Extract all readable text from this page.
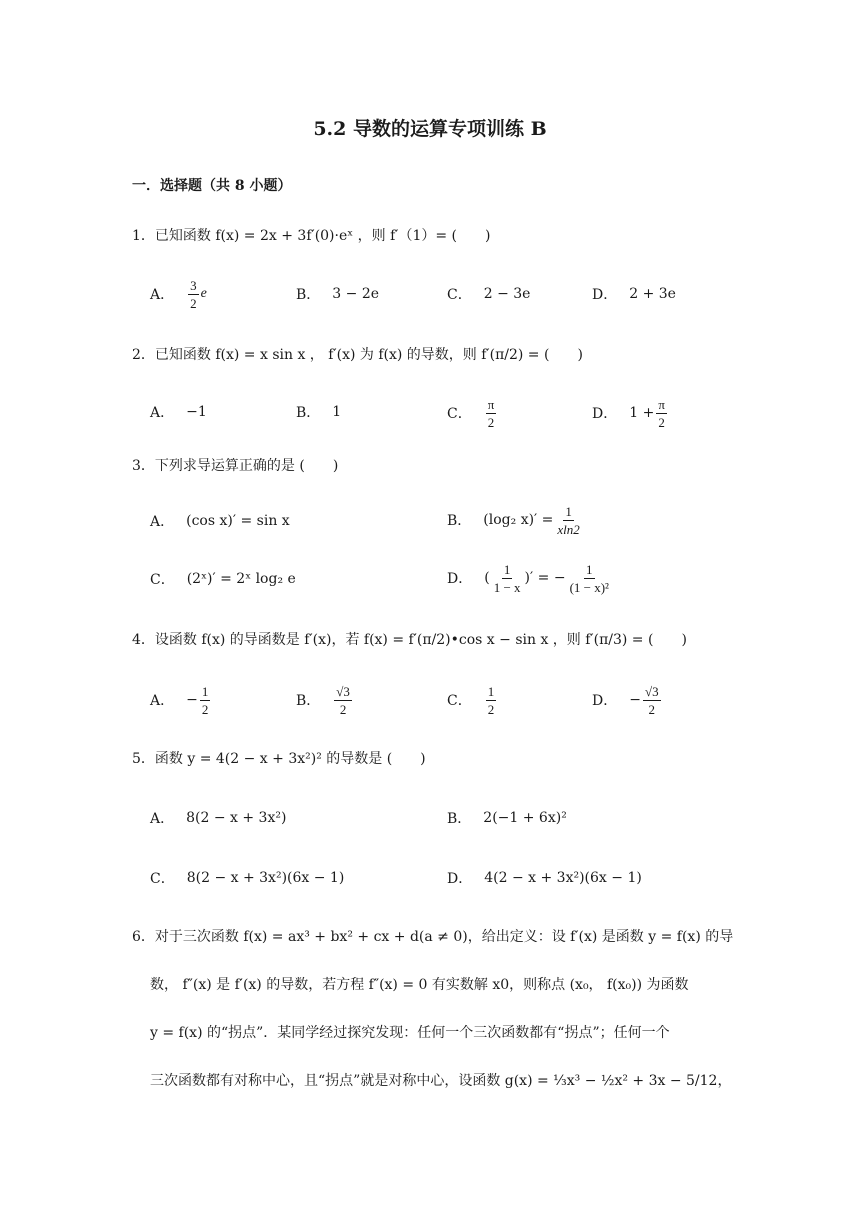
5.2 导数的运算专项训练 B
一．选择题（共 8 小题）
1．已知函数 f(x) = 2x + 3f′(0)·eˣ ，则 f′（1）= (　　)
A． $\frac{3}{2}$ e	B． 3 − 2e	C． 2 − 3e	D． 2 + 3e
2．已知函数 f(x) = x sin x ， f′(x) 为 f(x) 的导数，则 f′(π/2) = (　　)
A． −1	B． 1	C． $\frac{\pi}{2}$	D． $1 + \frac{\pi}{2}$
3．下列求导运算正确的是 (　　)
A． (cos x)′ = sin x	B． (log₂ $x)' = \frac{1}{xln2}$
C． (2ˣ)′ = 2ˣ log₂ e	D． ( $\frac{1}{1 - x}$ )′ = − $\frac{1}{\text{(1 − x)²}}$
4．设函数 f(x) 的导函数是 f′(x)，若 f(x) = f′(π/2)•cos x − sin x ，则 f′(π/3) = (　　)
A． − $\frac{1}{2}$	B． $\frac{√3}{2}$	C． $\frac{1}{2}$	D． − $\frac{√3}{2}$
5．函数 y = 4(2 − x + 3x²)² 的导数是 (　　)
A． 8(2 − x + 3x²)	B． 2(−1 + 6x)²
C． 8(2 − x + 3x²)(6x − 1)	D． 4(2 − x + 3x²)(6x − 1)
6．对于三次函数 f(x) = ax³ + bx² + cx + d(a ≠ 0)，给出定义：设 f′(x) 是函数 y = f(x) 的导
数， f″(x) 是 f′(x) 的导数，若方程 f″(x) = 0 有实数解 x0，则称点 (x₀， f(x₀)) 为函数
y = f(x) 的“拐点”．某同学经过探究发现：任何一个三次函数都有“拐点”；任何一个
三次函数都有对称中心，且“拐点”就是对称中心，设函数 g(x) = ⅓x³ − ½x² + 3x − 5/12，
